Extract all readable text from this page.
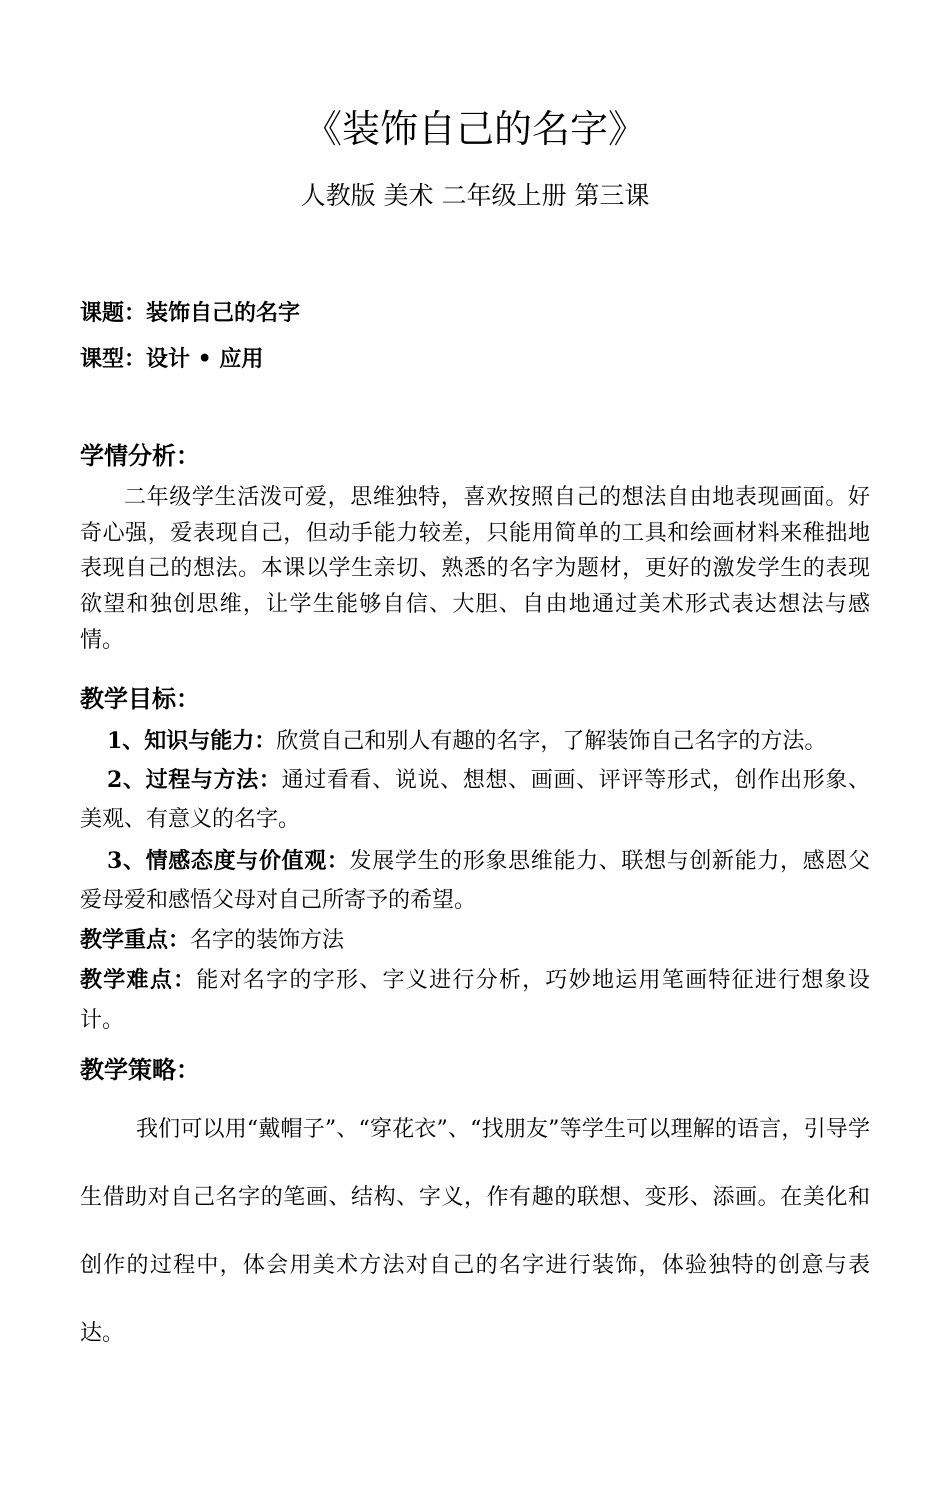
《装饰自己的名字》
人教版 美术 二年级上册 第三课
课题：装饰自己的名字
课型：设计 • 应用
学情分析：
二年级学生活泼可爱，思维独特，喜欢按照自己的想法自由地表现画面。好奇心强，爱表现自己，但动手能力较差，只能用简单的工具和绘画材料来稚拙地表现自己的想法。本课以学生亲切、熟悉的名字为题材，更好的激发学生的表现欲望和独创思维，让学生能够自信、大胆、自由地通过美术形式表达想法与感情。
教学目标：
1、知识与能力：欣赏自己和别人有趣的名字，了解装饰自己名字的方法。
2、过程与方法：通过看看、说说、想想、画画、评评等形式，创作出形象、美观、有意义的名字。
3、情感态度与价值观：发展学生的形象思维能力、联想与创新能力，感恩父爱母爱和感悟父母对自己所寄予的希望。
教学重点：名字的装饰方法
教学难点：能对名字的字形、字义进行分析，巧妙地运用笔画特征进行想象设计。
教学策略：
我们可以用“戴帽子”、“穿花衣”、“找朋友”等学生可以理解的语言，引导学生借助对自己名字的笔画、结构、字义，作有趣的联想、变形、添画。在美化和创作的过程中，体会用美术方法对自己的名字进行装饰，体验独特的创意与表达。
